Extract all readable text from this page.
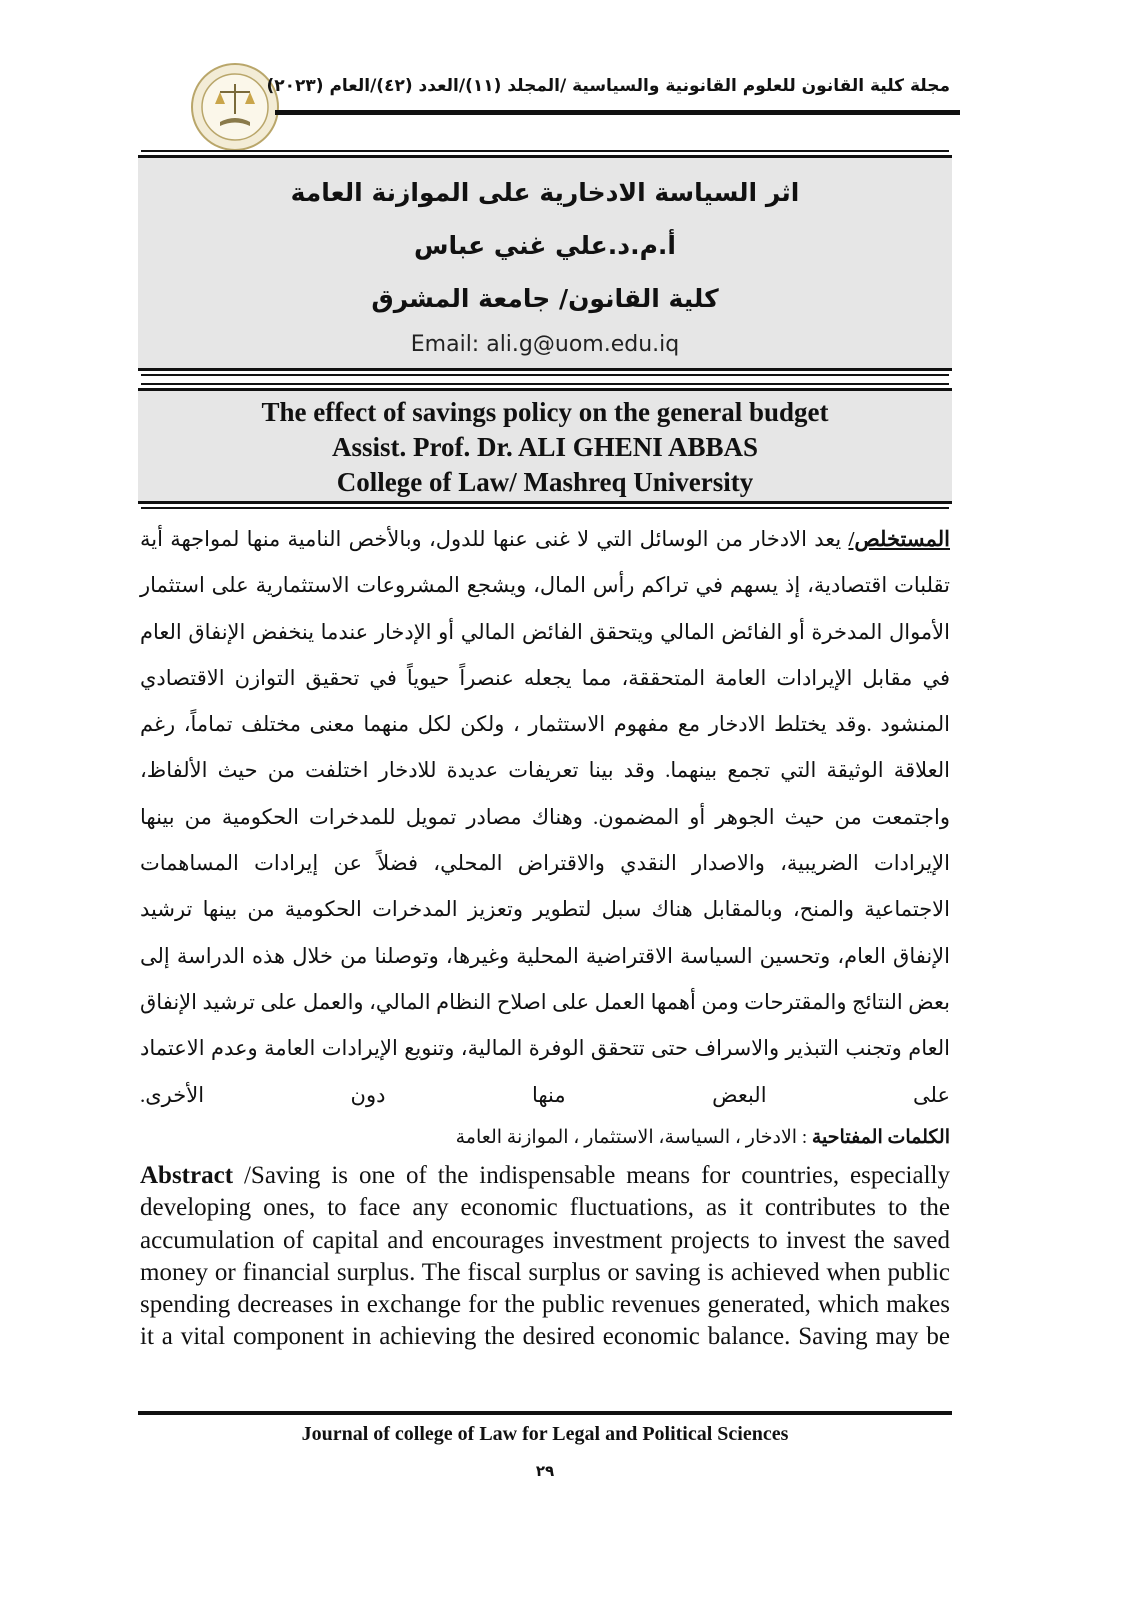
مجلة كلية القانون للعلوم القانونية والسياسية /المجلد (١١)/العدد (٤٢)/العام (٢٠٢٣)
اثر السياسة الادخارية على الموازنة العامة
أ.م.د.علي غني عباس
كلية القانون/ جامعة المشرق
Email: ali.g@uom.edu.iq
The effect of savings policy on the general budget
Assist. Prof. Dr. ALI GHENI ABBAS
College of Law/ Mashreq University
المستخلص/ يعد الادخار من الوسائل التي لا غنى عنها للدول، وبالأخص النامية منها لمواجهة أية تقلبات اقتصادية، إذ يسهم في تراكم رأس المال، ويشجع المشروعات الاستثمارية على استثمار الأموال المدخرة أو الفائض المالي ويتحقق الفائض المالي أو الإدخار عندما ينخفض الإنفاق العام في مقابل الإيرادات العامة المتحققة، مما يجعله عنصراً حيوياً في تحقيق التوازن الاقتصادي المنشود .وقد يختلط الادخار مع مفهوم الاستثمار ، ولكن لكل منهما معنى مختلف تماماً، رغم العلاقة الوثيقة التي تجمع بينهما. وقد بينا تعريفات عديدة للادخار اختلفت من حيث الألفاظ، واجتمعت من حيث الجوهر أو المضمون. وهناك مصادر تمويل للمدخرات الحكومية من بينها الإيرادات الضريبية، والاصدار النقدي والاقتراض المحلي، فضلاً عن إيرادات المساهمات الاجتماعية والمنح، وبالمقابل هناك سبل لتطوير وتعزيز المدخرات الحكومية من بينها ترشيد الإنفاق العام، وتحسين السياسة الاقتراضية المحلية وغيرها، وتوصلنا من خلال هذه الدراسة إلى بعض النتائج والمقترحات ومن أهمها العمل على اصلاح النظام المالي، والعمل على ترشيد الإنفاق العام وتجنب التبذير والاسراف حتى تتحقق الوفرة المالية، وتنويع الإيرادات العامة وعدم الاعتماد على البعض منها دون الأخرى.
الكلمات المفتاحية : الادخار ، السياسة، الاستثمار ، الموازنة العامة
Abstract /Saving is one of the indispensable means for countries, especially developing ones, to face any economic fluctuations, as it contributes to the accumulation of capital and encourages investment projects to invest the saved money or financial surplus. The fiscal surplus or saving is achieved when public spending decreases in exchange for the public revenues generated, which makes it a vital component in achieving the desired economic balance. Saving may be
Journal of college of Law for Legal and Political Sciences
٢٩
